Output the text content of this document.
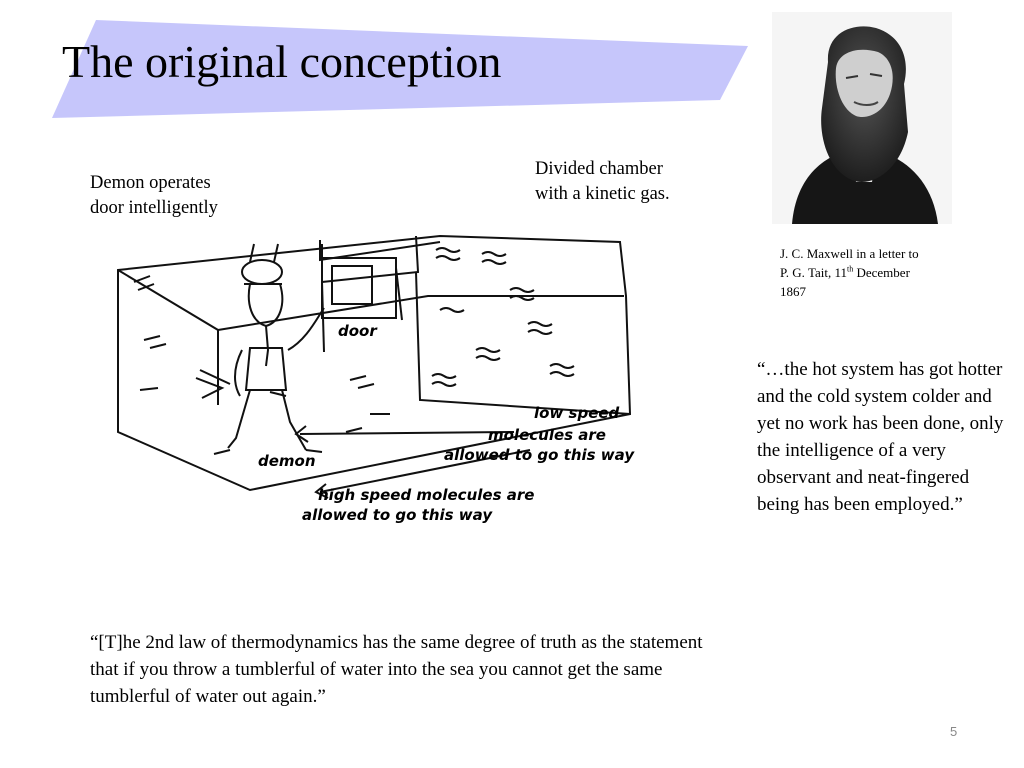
The original conception
J. C. Maxwell in a letter to
P. G. Tait, 11th December
1867
Demon operates
door intelligently
Divided chamber
with a kinetic gas.
door
demon
low speed
molecules are
allowed to go this way
high speed molecules are
allowed to go this way
“…the hot system has got hotter and the cold system colder and yet no work has been done, only the intelligence of a very observant and neat-fingered being has been employed.”
“[T]he 2nd law of thermodynamics has the same degree of truth as the statement that if you throw a tumblerful of water into the sea you cannot get the same tumblerful of water out again.”
5
